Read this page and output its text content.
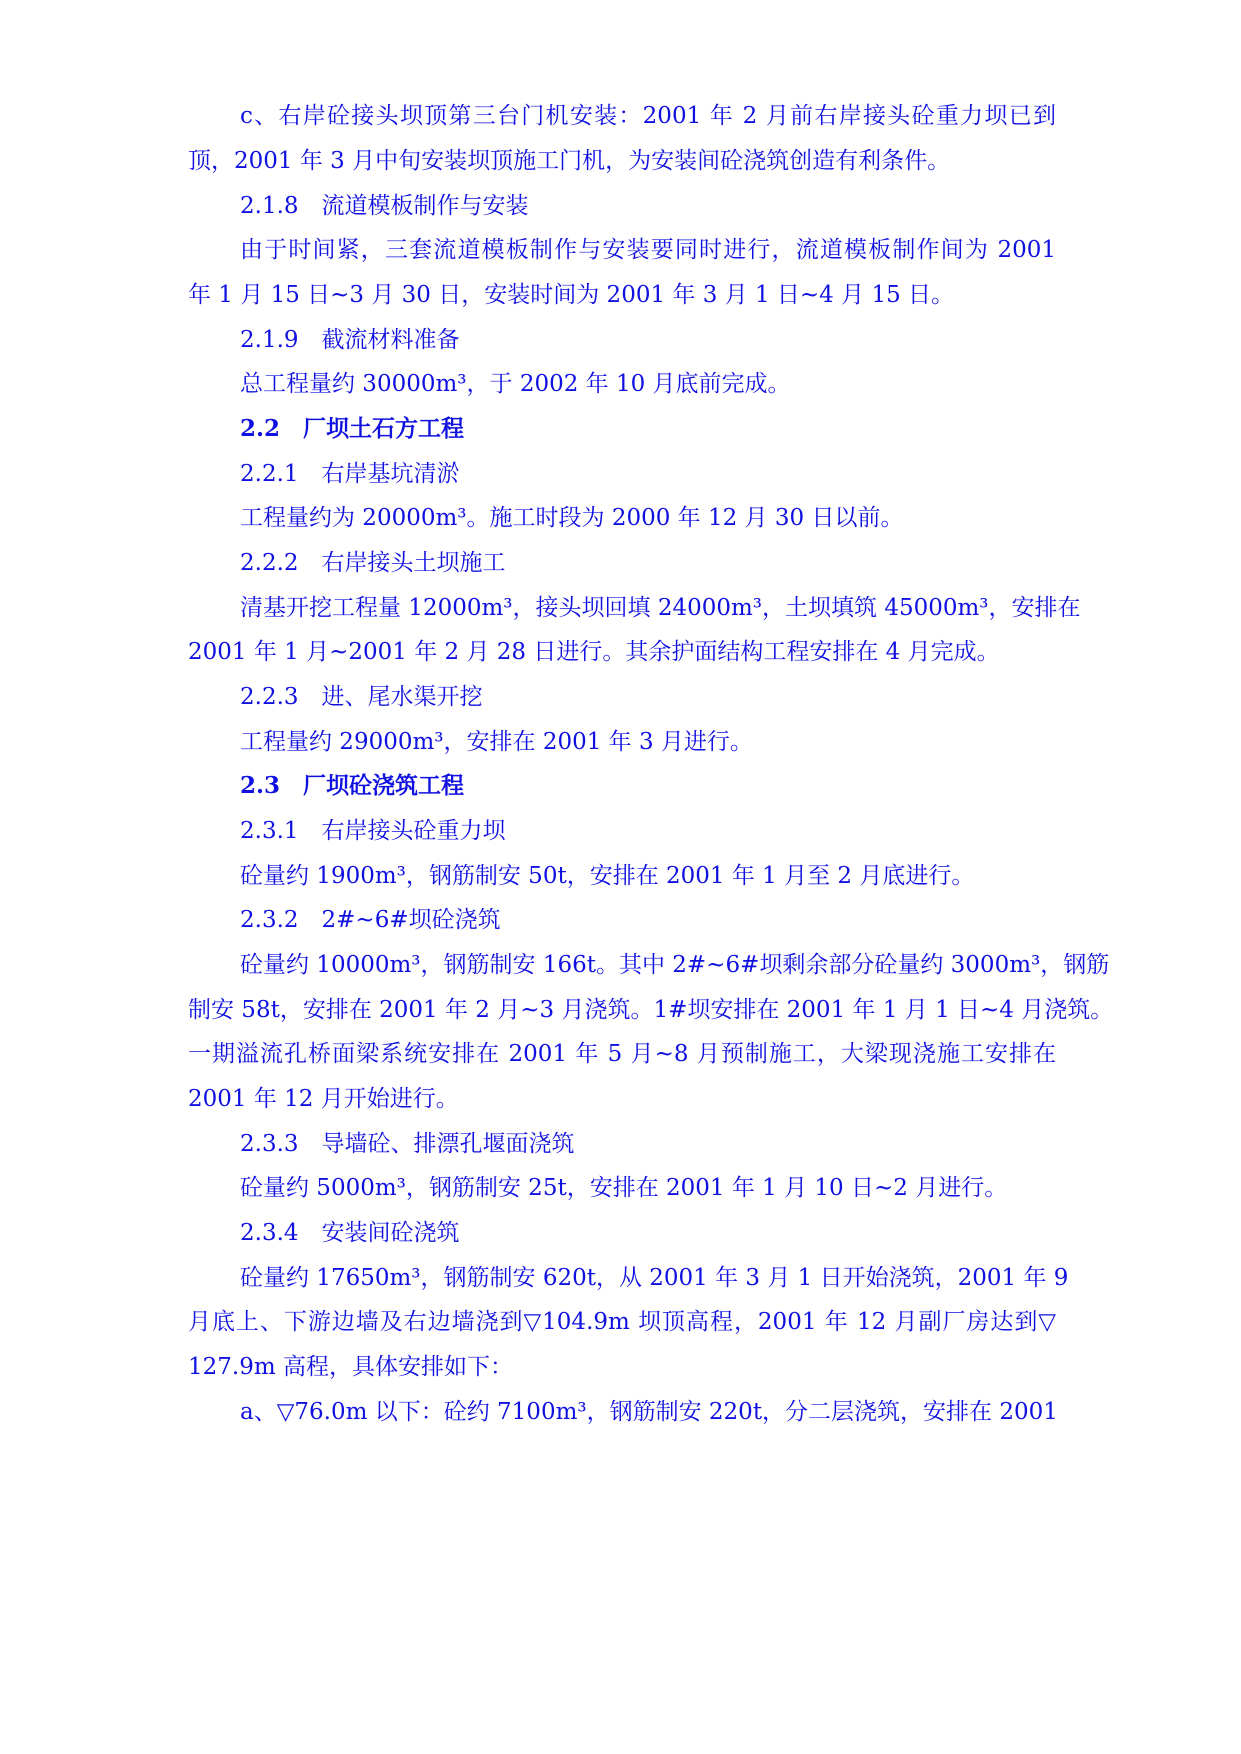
c、右岸砼接头坝顶第三台门机安装：2001 年 2 月前右岸接头砼重力坝已到
顶，2001 年 3 月中旬安装坝顶施工门机，为安装间砼浇筑创造有利条件。
2.1.8　流道模板制作与安装
由于时间紧，三套流道模板制作与安装要同时进行，流道模板制作间为 2001
年 1 月 15 日~3 月 30 日，安装时间为 2001 年 3 月 1 日~4 月 15 日。
2.1.9　截流材料准备
总工程量约 30000m³，于 2002 年 10 月底前完成。
2.2　厂坝土石方工程
2.2.1　右岸基坑清淤
工程量约为 20000m³。施工时段为 2000 年 12 月 30 日以前。
2.2.2　右岸接头土坝施工
清基开挖工程量 12000m³，接头坝回填 24000m³，土坝填筑 45000m³，安排在
2001 年 1 月~2001 年 2 月 28 日进行。其余护面结构工程安排在 4 月完成。
2.2.3　进、尾水渠开挖
工程量约 29000m³，安排在 2001 年 3 月进行。
2.3　厂坝砼浇筑工程
2.3.1　右岸接头砼重力坝
砼量约 1900m³，钢筋制安 50t，安排在 2001 年 1 月至 2 月底进行。
2.3.2　2#~6#坝砼浇筑
砼量约 10000m³，钢筋制安 166t。其中 2#~6#坝剩余部分砼量约 3000m³，钢筋
制安 58t，安排在 2001 年 2 月~3 月浇筑。1#坝安排在 2001 年 1 月 1 日~4 月浇筑。
一期溢流孔桥面梁系统安排在 2001 年 5 月~8 月预制施工，大梁现浇施工安排在
2001 年 12 月开始进行。
2.3.3　导墙砼、排漂孔堰面浇筑
砼量约 5000m³，钢筋制安 25t，安排在 2001 年 1 月 10 日~2 月进行。
2.3.4　安装间砼浇筑
砼量约 17650m³，钢筋制安 620t，从 2001 年 3 月 1 日开始浇筑，2001 年 9
月底上、下游边墙及右边墙浇到▽104.9m 坝顶高程，2001 年 12 月副厂房达到▽
127.9m 高程，具体安排如下：
a、▽76.0m 以下：砼约 7100m³，钢筋制安 220t，分二层浇筑，安排在 2001
